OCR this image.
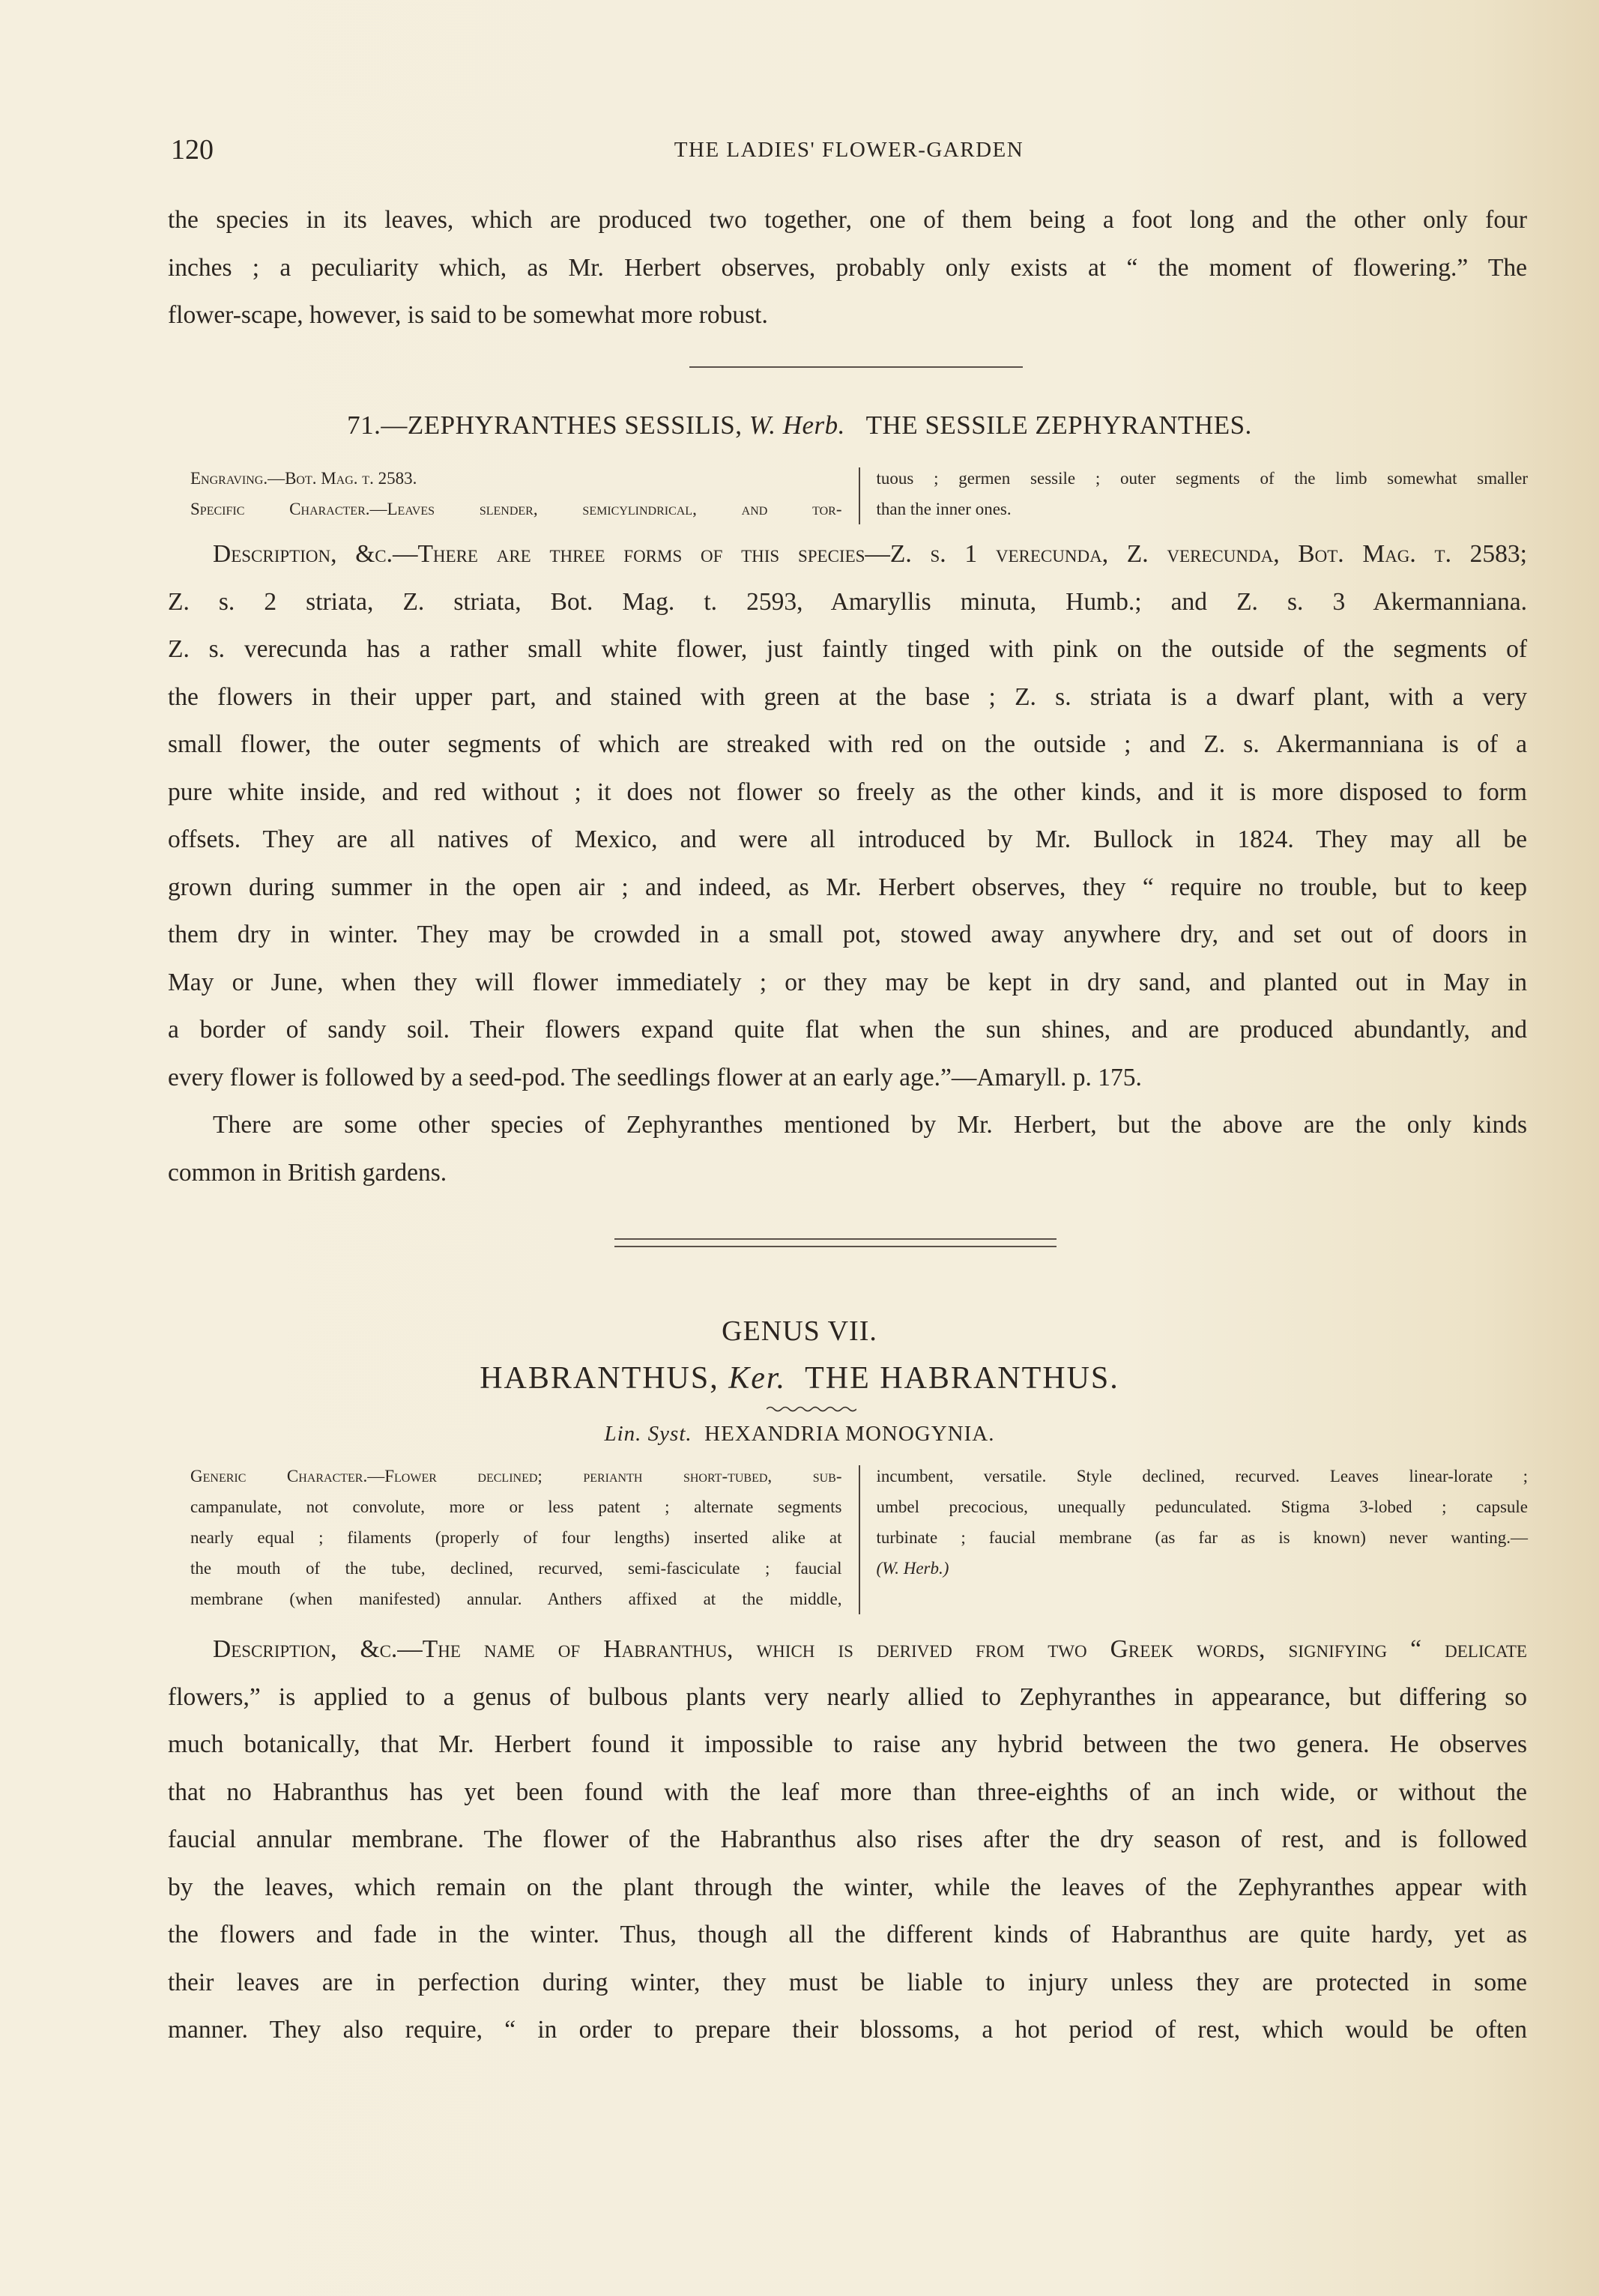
120	THE LADIES' FLOWER-GARDEN

the species in its leaves, which are produced two together, one of them being a foot long and the other only four
inches ; a peculiarity which, as Mr. Herbert observes, probably only exists at “ the moment of flowering.” The
flower-scape, however, is said to be somewhat more robust.

71.—ZEPHYRANTHES SESSILIS, W. Herb. THE SESSILE ZEPHYRANTHES.
Engraving.—Bot. Mag. t. 2583.
Specific Character.—Leaves slender, semicylindrical, and tor-
tuous ; germen sessile ; outer segments of the limb somewhat smaller
than the inner ones.

Description, &c.—There are three forms of this species—Z. s. 1 verecunda, Z. verecunda, Bot. Mag. t. 2583;

Z. s. 2 striata, Z. striata, Bot. Mag. t. 2593, Amaryllis minuta, Humb.; and Z. s. 3 Akermanniana.
Z. s. verecunda has a rather small white flower, just faintly tinged with pink on the outside of the segments of
the flowers in their upper part, and stained with green at the base ; Z. s. striata is a dwarf plant, with a very
small flower, the outer segments of which are streaked with red on the outside ; and Z. s. Akermanniana is of a
pure white inside, and red without ; it does not flower so freely as the other kinds, and it is more disposed to form
offsets. They are all natives of Mexico, and were all introduced by Mr. Bullock in 1824. They may all be
grown during summer in the open air ; and indeed, as Mr. Herbert observes, they “ require no trouble, but to keep
them dry in winter. They may be crowded in a small pot, stowed away anywhere dry, and set out of doors in
May or June, when they will flower immediately ; or they may be kept in dry sand, and planted out in May in
a border of sandy soil. Their flowers expand quite flat when the sun shines, and are produced abundantly, and
every flower is followed by a seed-pod. The seedlings flower at an early age.”—Amaryll. p. 175.

There are some other species of Zephyranthes mentioned by Mr. Herbert, but the above are the only kinds

common in British gardens.

GENUS VII.
HABRANTHUS, Ker. THE HABRANTHUS.
Lin. Syst. HEXANDRIA MONOGYNIA.
Generic Character.—Flower declined; perianth short-tubed, sub-
campanulate, not convolute, more or less patent ; alternate segments
nearly equal ; filaments (properly of four lengths) inserted alike at
the mouth of the tube, declined, recurved, semi-fasciculate ; faucial
membrane (when manifested) annular. Anthers affixed at the middle,
incumbent, versatile. Style declined, recurved. Leaves linear-lorate ;
umbel precocious, unequally pedunculated. Stigma 3-lobed ; capsule
turbinate ; faucial membrane (as far as is known) never wanting.—
(W. Herb.)

Description, &c.—The name of Habranthus, which is derived from two Greek words, signifying “ delicate

flowers,” is applied to a genus of bulbous plants very nearly allied to Zephyranthes in appearance, but differing so
much botanically, that Mr. Herbert found it impossible to raise any hybrid between the two genera. He observes
that no Habranthus has yet been found with the leaf more than three-eighths of an inch wide, or without the
faucial annular membrane. The flower of the Habranthus also rises after the dry season of rest, and is followed
by the leaves, which remain on the plant through the winter, while the leaves of the Zephyranthes appear with
the flowers and fade in the winter. Thus, though all the different kinds of Habranthus are quite hardy, yet as
their leaves are in perfection during winter, they must be liable to injury unless they are protected in some
manner. They also require, “ in order to prepare their blossoms, a hot period of rest, which would be often
